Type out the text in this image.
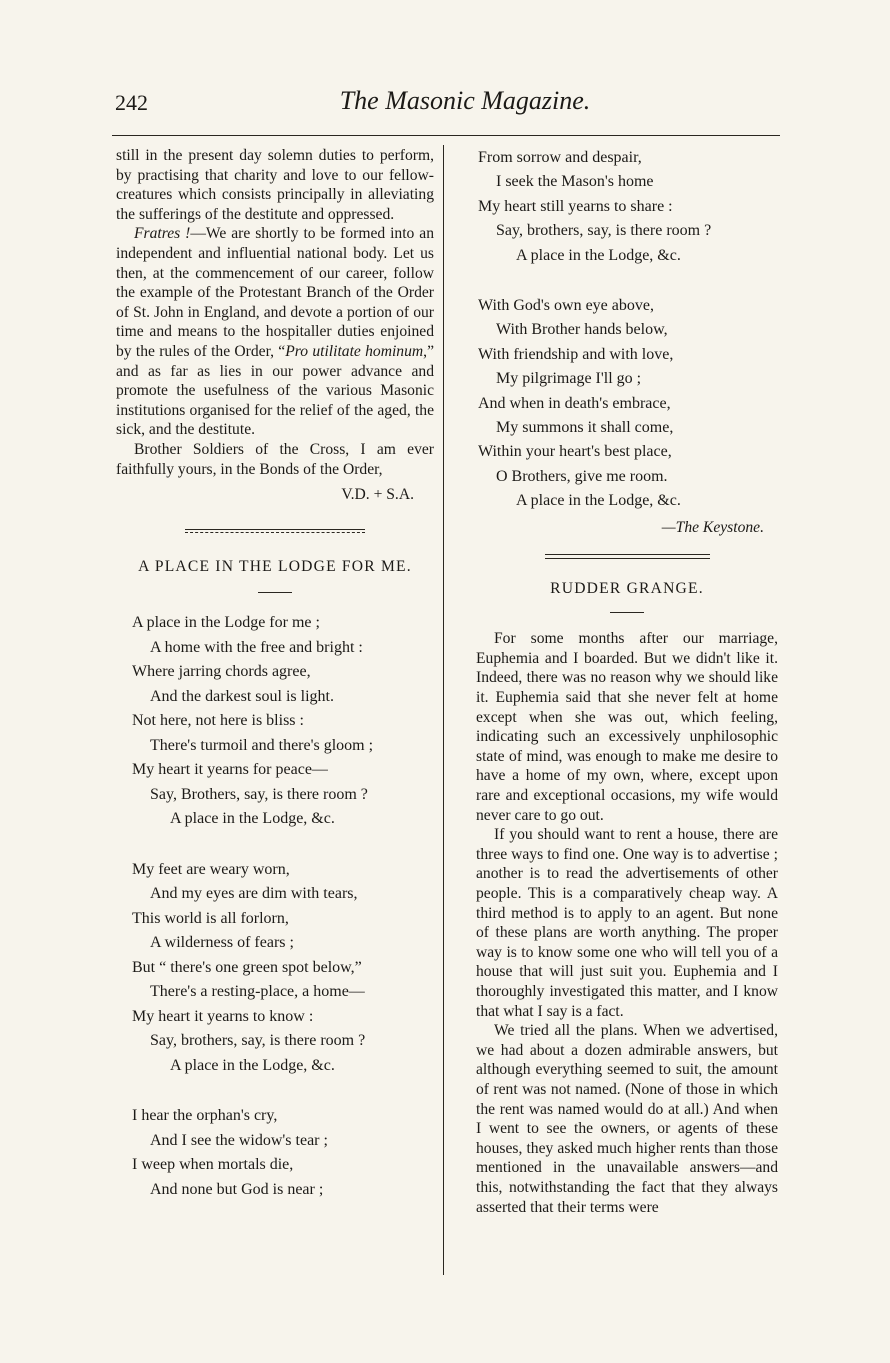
242	The Masonic Magazine.

still in the present day solemn duties to perform, by practising that charity and love to our fellow-creatures which consists principally in alleviating the sufferings of the destitute and oppressed.

Fratres !—We are shortly to be formed into an independent and influential national body. Let us then, at the commencement of our career, follow the example of the Protestant Branch of the Order of St. John in England, and devote a portion of our time and means to the hospitaller duties enjoined by the rules of the Order, “Pro utilitate hominum,” and as far as lies in our power advance and promote the usefulness of the various Masonic institutions organised for the relief of the aged, the sick, and the destitute.

Brother Soldiers of the Cross, I am ever faithfully yours, in the Bonds of the Order,

V.D. + S.A.
A PLACE IN THE LODGE FOR ME.
A place in the Lodge for me ;
A home with the free and bright :
Where jarring chords agree,
And the darkest soul is light.
Not here, not here is bliss :
There's turmoil and there's gloom ;
My heart it yearns for peace—
Say, Brothers, say, is there room ?
A place in the Lodge, &c.
My feet are weary worn,
And my eyes are dim with tears,
This world is all forlorn,
A wilderness of fears ;
But “ there's one green spot below,”
There's a resting-place, a home—
My heart it yearns to know :
Say, brothers, say, is there room ?
A place in the Lodge, &c.
I hear the orphan's cry,
And I see the widow's tear ;
I weep when mortals die,
And none but God is near ;
From sorrow and despair,
I seek the Mason's home
My heart still yearns to share :
Say, brothers, say, is there room ?
A place in the Lodge, &c.
With God's own eye above,
With Brother hands below,
With friendship and with love,
My pilgrimage I'll go ;
And when in death's embrace,
My summons it shall come,
Within your heart's best place,
O Brothers, give me room.
A place in the Lodge, &c.
—The Keystone.
RUDDER GRANGE.

For some months after our marriage, Euphemia and I boarded. But we didn't like it. Indeed, there was no reason why we should like it. Euphemia said that she never felt at home except when she was out, which feeling, indicating such an excessively unphilosophic state of mind, was enough to make me desire to have a home of my own, where, except upon rare and exceptional occasions, my wife would never care to go out.

If you should want to rent a house, there are three ways to find one. One way is to advertise ; another is to read the advertisements of other people. This is a comparatively cheap way. A third method is to apply to an agent. But none of these plans are worth anything. The proper way is to know some one who will tell you of a house that will just suit you. Euphemia and I thoroughly investigated this matter, and I know that what I say is a fact.

We tried all the plans. When we advertised, we had about a dozen admirable answers, but although everything seemed to suit, the amount of rent was not named. (None of those in which the rent was named would do at all.) And when I went to see the owners, or agents of these houses, they asked much higher rents than those mentioned in the unavailable answers—and this, notwithstanding the fact that they always asserted that their terms were
